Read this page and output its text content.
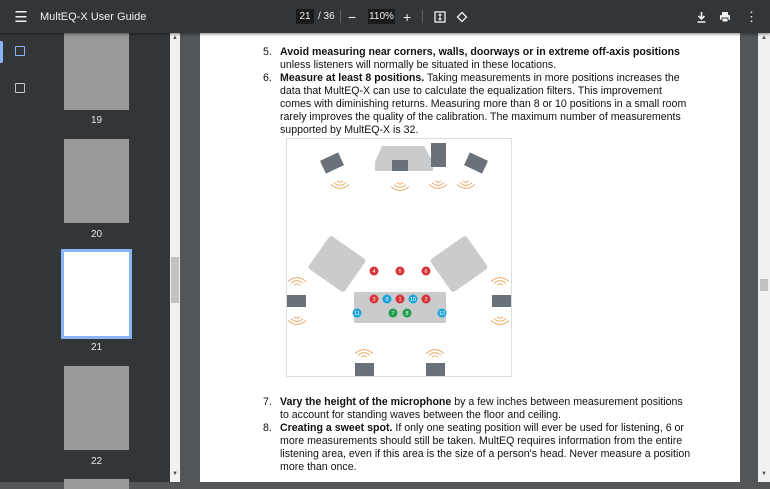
☰ MultEQ-X User Guide	21 / 36 − 110% +	⋮
19
20
21
22
▲
▼
5. Avoid measuring near corners, walls, doorways or in extreme off-axis positions unless listeners will normally be situated in these locations.
6. Measure at least 8 positions. Taking measurements in more positions increases the data that MultEQ-X can use to calculate the equalization filters. This improvement comes with diminishing returns. Measuring more than 8 or 10 positions in a small room rarely improves the quality of the calibration. The maximum number of measurements supported by MultEQ-X is 32.
4	5	6
3 9 1 10 2
11	7 8	12
7. Vary the height of the microphone by a few inches between measurement positions to account for standing waves between the floor and ceiling.
8. Creating a sweet spot. If only one seating position will ever be used for listening, 6 or more measurements should still be taken. MultEQ requires information from the entire listening area, even if this area is the size of a person's head. Never measure a position more than once.
▲
▼
